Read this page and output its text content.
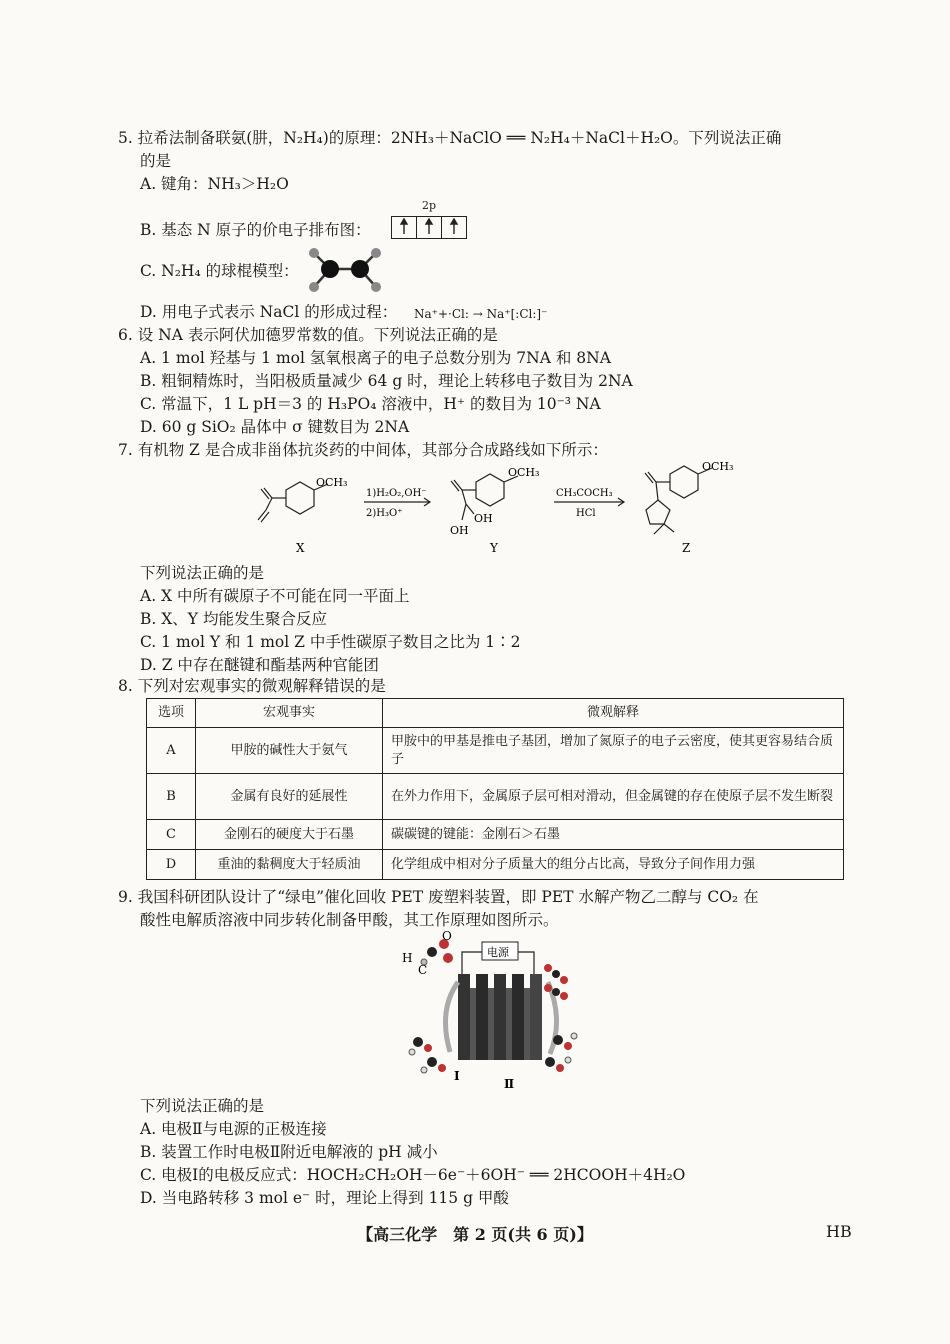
5. 拉希法制备联氨(肼，N₂H₄)的原理：2NH₃＋NaClO ══ N₂H₄＋NaCl＋H₂O。下列说法正确
的是
A. 键角：NH₃＞H₂O
2p
B. 基态 N 原子的价电子排布图：
C. N₂H₄ 的球棍模型：
D. 用电子式表示 NaCl 的形成过程： Na⁺+·Cl: → Na⁺[:Cl:]⁻
6. 设 NA 表示阿伏加德罗常数的值。下列说法正确的是
A. 1 mol 羟基与 1 mol 氢氧根离子的电子总数分别为 7NA 和 8NA
B. 粗铜精炼时，当阳极质量减少 64 g 时，理论上转移电子数目为 2NA
C. 常温下，1 L pH＝3 的 H₃PO₄ 溶液中，H⁺ 的数目为 10⁻³ NA
D. 60 g SiO₂ 晶体中 σ 键数目为 2NA
7. 有机物 Z 是合成非甾体抗炎药的中间体，其部分合成路线如下所示：
OCH₃
1)H₂O₂,OH⁻
2)H₃O⁺
OCH₃
OH
OH
CH₃COCH₃
HCl
OCH₃
X	Y	Z
下列说法正确的是
A. X 中所有碳原子不可能在同一平面上
B. X、Y 均能发生聚合反应
C. 1 mol Y 和 1 mol Z 中手性碳原子数目之比为 1∶2
D. Z 中存在醚键和酯基两种官能团
8. 下列对宏观事实的微观解释错误的是
选项	宏观事实	微观解释
A	甲胺的碱性大于氨气	甲胺中的甲基是推电子基团，增加了氮原子的电子云密度，使其更容易结合质子
B	金属有良好的延展性	在外力作用下，金属原子层可相对滑动，但金属键的存在使原子层不发生断裂
C	金刚石的硬度大于石墨	碳碳键的键能：金刚石＞石墨
D	重油的黏稠度大于轻质油	化学组成中相对分子质量大的组分占比高，导致分子间作用力强
9. 我国科研团队设计了“绿电”催化回收 PET 废塑料装置，即 PET 水解产物乙二醇与 CO₂ 在
酸性电解质溶液中同步转化制备甲酸，其工作原理如图所示。
电源
H
C
O
Ⅰ
Ⅱ
下列说法正确的是
A. 电极Ⅱ与电源的正极连接
B. 装置工作时电极Ⅱ附近电解液的 pH 减小
C. 电极Ⅰ的电极反应式：HOCH₂CH₂OH－6e⁻＋6OH⁻ ══ 2HCOOH＋4H₂O
D. 当电路转移 3 mol e⁻ 时，理论上得到 115 g 甲酸
【高三化学　第 2 页(共 6 页)】	HB
